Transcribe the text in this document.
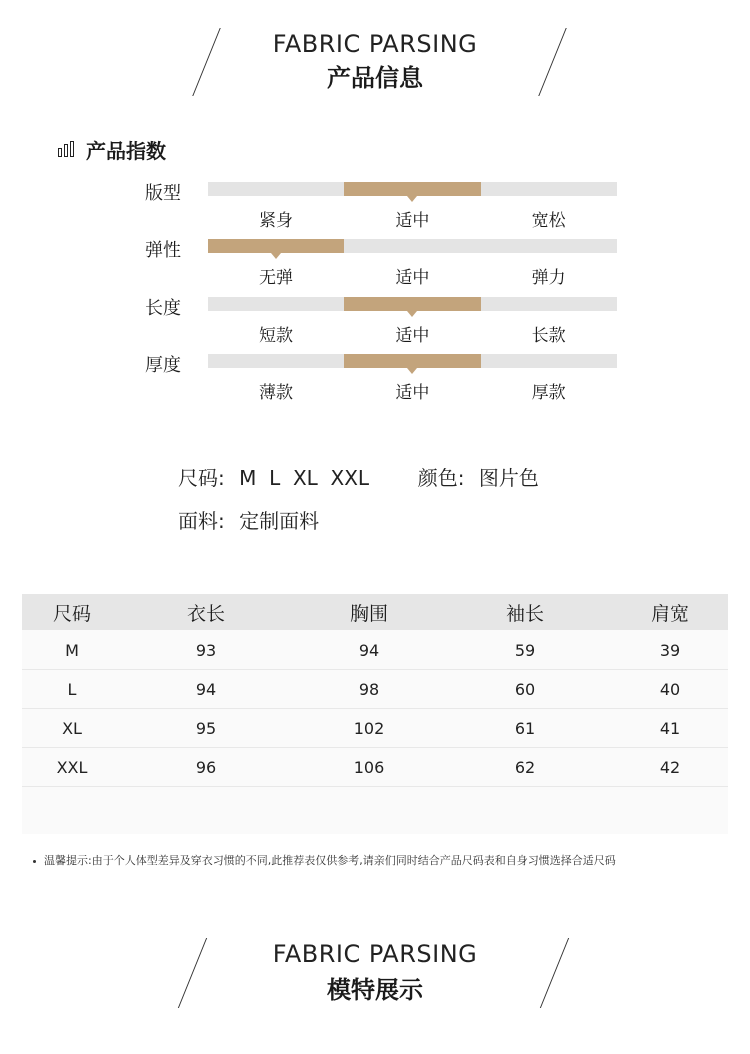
FABRIC PARSING
产品信息
产品指数
版型
紧身	适中	宽松
弹性
无弹	适中	弹力
长度
短款	适中	长款
厚度
薄款	适中	厚款
尺码: M  L  XL  XXL 颜色: 图片色
面料: 定制面料
尺码	衣长	胸围	袖长	肩宽
M	93	94	59	39
L	94	98	60	40
XL	95	102	61	41
XXL	96	106	62	42
温馨提示:由于个人体型差异及穿衣习惯的不同,此推荐表仅供参考,请亲们同时结合产品尺码表和自身习惯选择合适尺码
FABRIC PARSING
模特展示
